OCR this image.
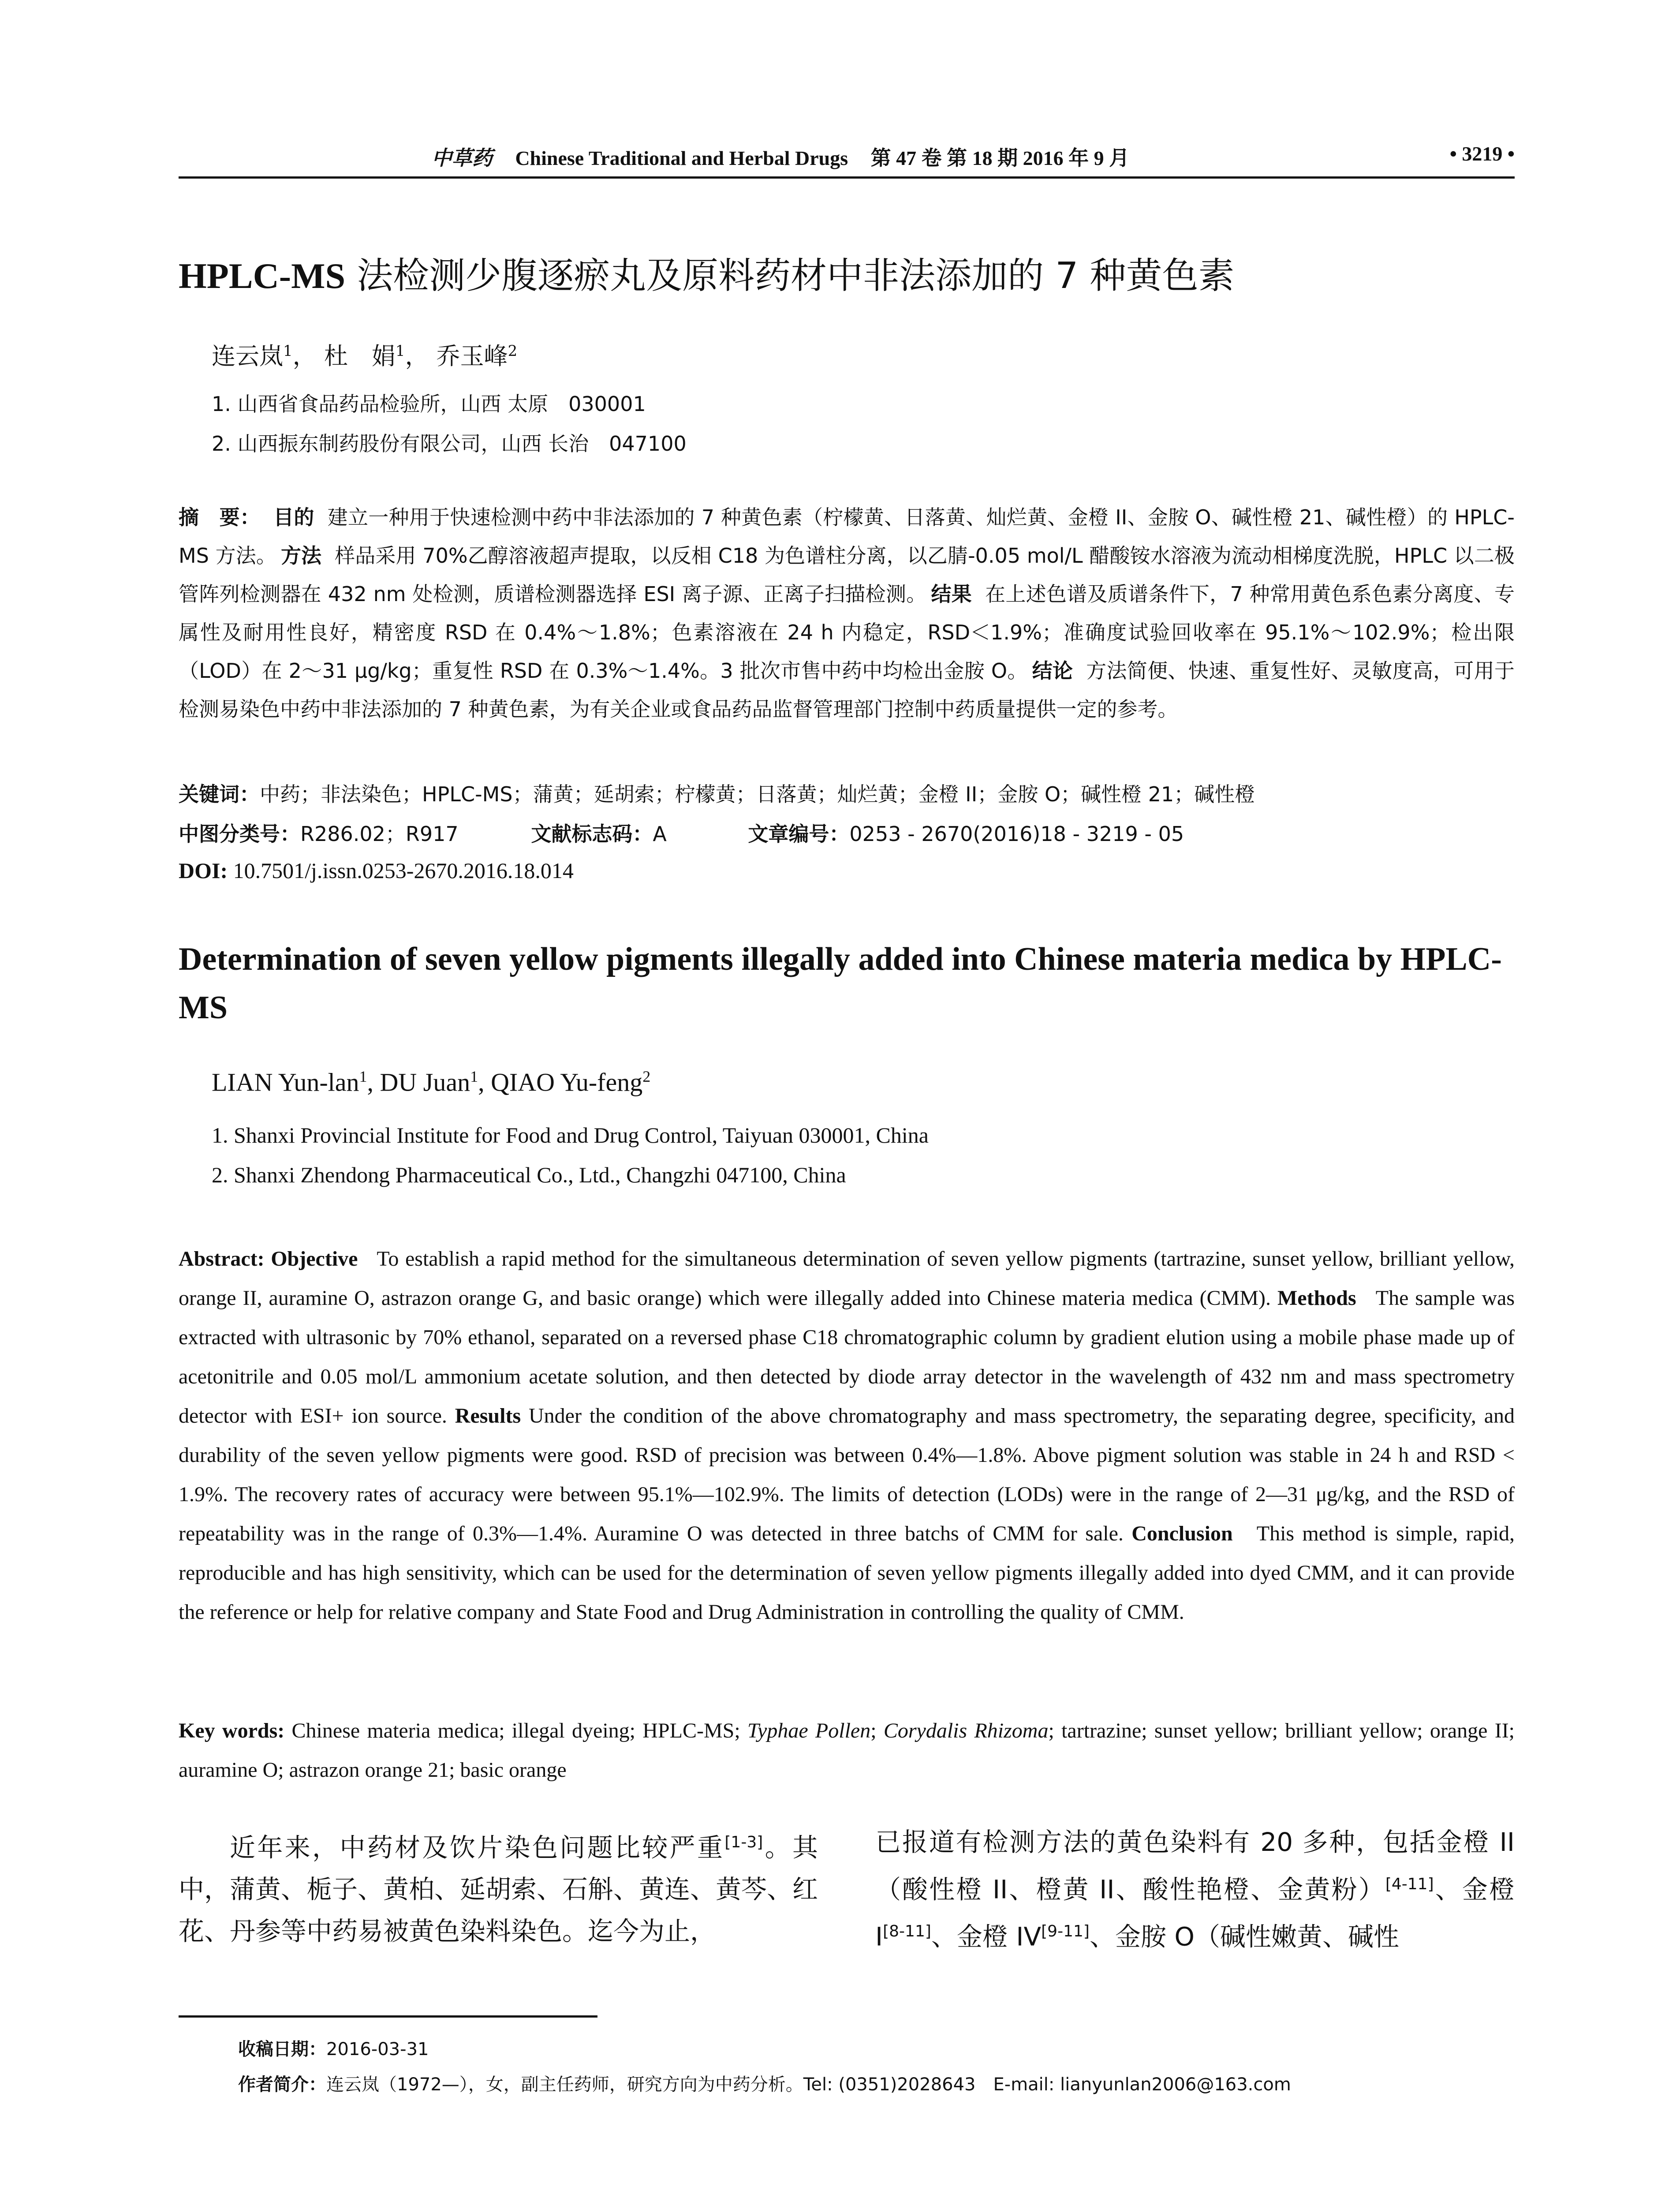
中草药 Chinese Traditional and Herbal Drugs 第 47 卷 第 18 期 2016 年 9 月	• 3219 •
HPLC-MS 法检测少腹逐瘀丸及原料药材中非法添加的 7 种黄色素
连云岚$^1$， 杜　娟$^1$， 乔玉峰$^2$
1. 山西省食品药品检验所，山西 太原　030001
2. 山西振东制药股份有限公司，山西 长治　047100
摘　要： 目的 建立一种用于快速检测中药中非法添加的 7 种黄色素（柠檬黄、日落黄、灿烂黄、金橙 II、金胺 O、碱性橙 21、碱性橙）的 HPLC-MS 方法。 方法 样品采用 70%乙醇溶液超声提取，以反相 C18 为色谱柱分离，以乙腈-0.05 mol/L 醋酸铵水溶液为流动相梯度洗脱，HPLC 以二极管阵列检测器在 432 nm 处检测，质谱检测器选择 ESI 离子源、正离子扫描检测。 结果 在上述色谱及质谱条件下，7 种常用黄色系色素分离度、专属性及耐用性良好，精密度 RSD 在 0.4%～1.8%；色素溶液在 24 h 内稳定，RSD＜1.9%；准确度试验回收率在 95.1%～102.9%；检出限（LOD）在 2～31 μg/kg；重复性 RSD 在 0.3%～1.4%。3 批次市售中药中均检出金胺 O。 结论 方法简便、快速、重复性好、灵敏度高，可用于检测易染色中药中非法添加的 7 种黄色素，为有关企业或食品药品监督管理部门控制中药质量提供一定的参考。
关键词：中药；非法染色；HPLC-MS；蒲黄；延胡索；柠檬黄；日落黄；灿烂黄；金橙 II；金胺 O；碱性橙 21；碱性橙
中图分类号：R286.02；R917	文献标志码：A	文章编号：0253 - 2670(2016)18 - 3219 - 05
DOI: 10.7501/j.issn.0253-2670.2016.18.014
Determination of seven yellow pigments illegally added into Chinese materia medica by HPLC-MS
LIAN Yun-lan$^1$, DU Juan$^1$, QIAO Yu-feng$^2$
1. Shanxi Provincial Institute for Food and Drug Control, Taiyuan 030001, China
2. Shanxi Zhendong Pharmaceutical Co., Ltd., Changzhi 047100, China
Abstract: Objective To establish a rapid method for the simultaneous determination of seven yellow pigments (tartrazine, sunset yellow, brilliant yellow, orange II, auramine O, astrazon orange G, and basic orange) which were illegally added into Chinese materia medica (CMM). Methods The sample was extracted with ultrasonic by 70% ethanol, separated on a reversed phase C18 chromatographic column by gradient elution using a mobile phase made up of acetonitrile and 0.05 mol/L ammonium acetate solution, and then detected by diode array detector in the wavelength of 432 nm and mass spectrometry detector with ESI+ ion source. Results Under the condition of the above chromatography and mass spectrometry, the separating degree, specificity, and durability of the seven yellow pigments were good. RSD of precision was between 0.4%—1.8%. Above pigment solution was stable in 24 h and RSD < 1.9%. The recovery rates of accuracy were between 95.1%—102.9%. The limits of detection (LODs) were in the range of 2—31 μg/kg, and the RSD of repeatability was in the range of 0.3%—1.4%. Auramine O was detected in three batchs of CMM for sale. Conclusion This method is simple, rapid, reproducible and has high sensitivity, which can be used for the determination of seven yellow pigments illegally added into dyed CMM, and it can provide the reference or help for relative company and State Food and Drug Administration in controlling the quality of CMM.
Key words: Chinese materia medica; illegal dyeing; HPLC-MS; Typhae Pollen; Corydalis Rhizoma; tartrazine; sunset yellow; brilliant yellow; orange II; auramine O; astrazon orange 21; basic orange
近年来，中药材及饮片染色问题比较严重[1-3]。其中，蒲黄、栀子、黄柏、延胡索、石斛、黄连、黄芩、红花、丹参等中药易被黄色染料染色。迄今为止，
已报道有检测方法的黄色染料有 20 多种，包括金橙 II（酸性橙 II、橙黄 II、酸性艳橙、金黄粉）[4-11]、金橙 I[8-11]、金橙 IV[9-11]、金胺 O（碱性嫩黄、碱性
收稿日期：2016-03-31
作者简介：连云岚（1972—），女，副主任药师，研究方向为中药分析。Tel: (0351)2028643　E-mail: lianyunlan2006@163.com
